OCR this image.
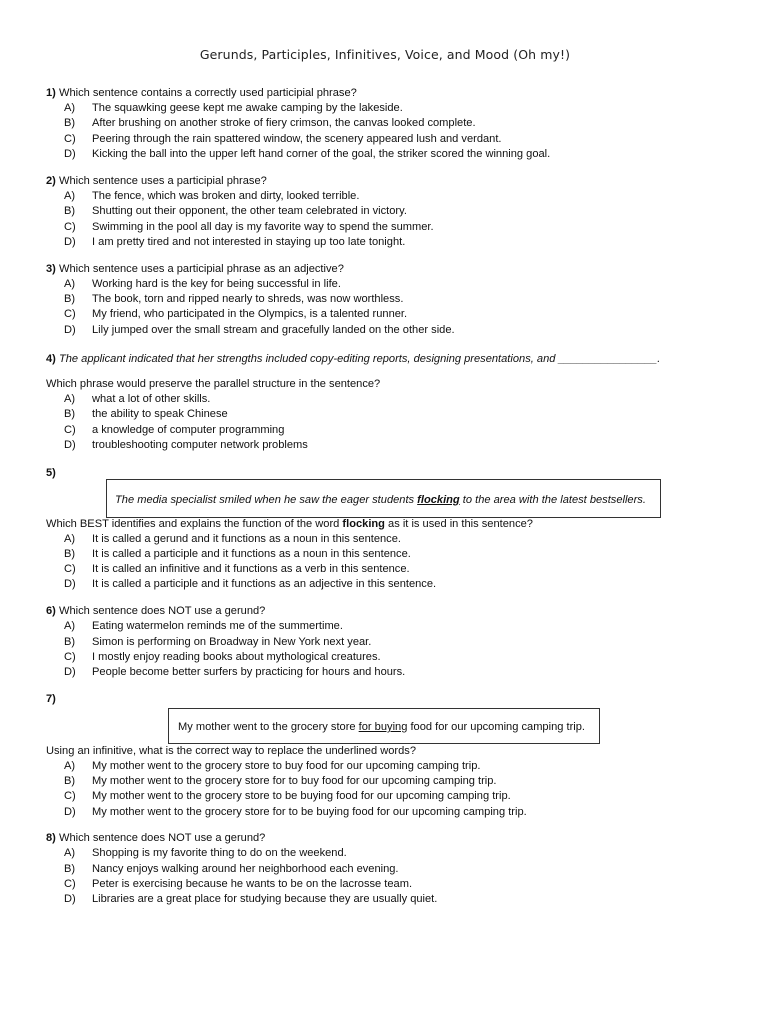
Gerunds, Participles, Infinitives, Voice, and Mood (Oh my!)
1) Which sentence contains a correctly used participial phrase?
A)	The squawking geese kept me awake camping by the lakeside.
B)	After brushing on another stroke of fiery crimson, the canvas looked complete.
C)	Peering through the rain spattered window, the scenery appeared lush and verdant.
D)	Kicking the ball into the upper left hand corner of the goal, the striker scored the winning goal.
2) Which sentence uses a participial phrase?
A)	The fence, which was broken and dirty, looked terrible.
B)	Shutting out their opponent, the other team celebrated in victory.
C)	Swimming in the pool all day is my favorite way to spend the summer.
D)	I am pretty tired and not interested in staying up too late tonight.
3) Which sentence uses a participial phrase as an adjective?
A)	Working hard is the key for being successful in life.
B)	The book, torn and ripped nearly to shreds, was now worthless.
C)	My friend, who participated in the Olympics, is a talented runner.
D)	Lily jumped over the small stream and gracefully landed on the other side.
4) The applicant indicated that her strengths included copy-editing reports, designing presentations, and ________________.
Which phrase would preserve the parallel structure in the sentence?
A)	what a lot of other skills.
B)	the ability to speak Chinese
C)	a knowledge of computer programming
D)	troubleshooting computer network problems
5)
The media specialist smiled when he saw the eager students flocking to the area with the latest bestsellers.
Which BEST identifies and explains the function of the word flocking as it is used in this sentence?
A)	It is called a gerund and it functions as a noun in this sentence.
B)	It is called a participle and it functions as a noun in this sentence.
C)	It is called an infinitive and it functions as a verb in this sentence.
D)	It is called a participle and it functions as an adjective in this sentence.
6) Which sentence does NOT use a gerund?
A)	Eating watermelon reminds me of the summertime.
B)	Simon is performing on Broadway in New York next year.
C)	I mostly enjoy reading books about mythological creatures.
D)	People become better surfers by practicing for hours and hours.
7)
My mother went to the grocery store for buying food for our upcoming camping trip.
Using an infinitive, what is the correct way to replace the underlined words?
A)	My mother went to the grocery store to buy food for our upcoming camping trip.
B)	My mother went to the grocery store for to buy food for our upcoming camping trip.
C)	My mother went to the grocery store to be buying food for our upcoming camping trip.
D)	My mother went to the grocery store for to be buying food for our upcoming camping trip.
8) Which sentence does NOT use a gerund?
A)	Shopping is my favorite thing to do on the weekend.
B)	Nancy enjoys walking around her neighborhood each evening.
C)	Peter is exercising because he wants to be on the lacrosse team.
D)	Libraries are a great place for studying because they are usually quiet.
